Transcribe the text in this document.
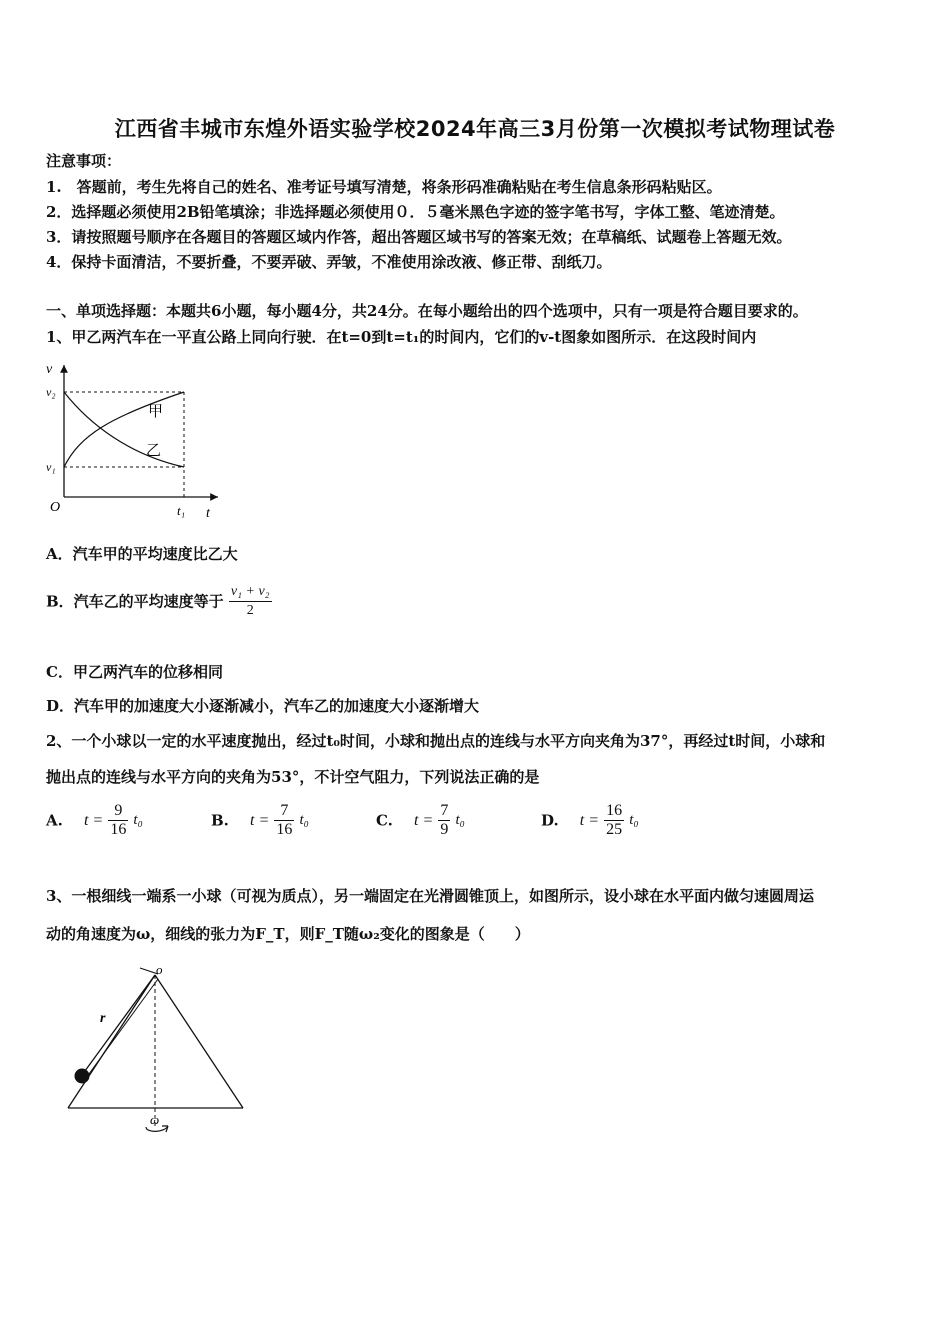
江西省丰城市东煌外语实验学校2024年高三3月份第一次模拟考试物理试卷
注意事项：
1.　答题前，考生先将自己的姓名、准考证号填写清楚，将条形码准确粘贴在考生信息条形码粘贴区。
2．选择题必须使用2B铅笔填涂；非选择题必须使用０．５毫米黑色字迹的签字笔书写，字体工整、笔迹清楚。
3．请按照题号顺序在各题目的答题区域内作答，超出答题区域书写的答案无效；在草稿纸、试题卷上答题无效。
4．保持卡面清洁，不要折叠，不要弄破、弄皱，不准使用涂改液、修正带、刮纸刀。
一、单项选择题：本题共6小题，每小题4分，共24分。在每小题给出的四个选项中，只有一项是符合题目要求的。
1、甲乙两汽车在一平直公路上同向行驶．在t=0到t=t₁的时间内，它们的v-t图象如图所示．在这段时间内
v
v₂
v₁
O	t₁ t
甲
乙
A．汽车甲的平均速度比乙大
B．汽车乙的平均速度等于 $\frac{\text{v₁ + v₂}}{2}$
C．甲乙两汽车的位移相同
D．汽车甲的加速度大小逐渐减小，汽车乙的加速度大小逐渐增大
2、一个小球以一定的水平速度抛出，经过t₀时间，小球和抛出点的连线与水平方向夹角为37°，再经过t时间，小球和
抛出点的连线与水平方向的夹角为53°，不计空气阻力，下列说法正确的是
A. $t = \frac{9}{16} t_0$	B. $t = \frac{7}{16} t_0$	C. $t = \frac{7}{9} t_0$	D. $t = \frac{16}{25} t_0$
3、一根细线一端系一小球（可视为质点），另一端固定在光滑圆锥顶上，如图所示，设小球在水平面内做匀速圆周运
动的角速度为ω，细线的张力为F_T，则F_T随ω₂变化的图象是（　　）
o
r
ω
